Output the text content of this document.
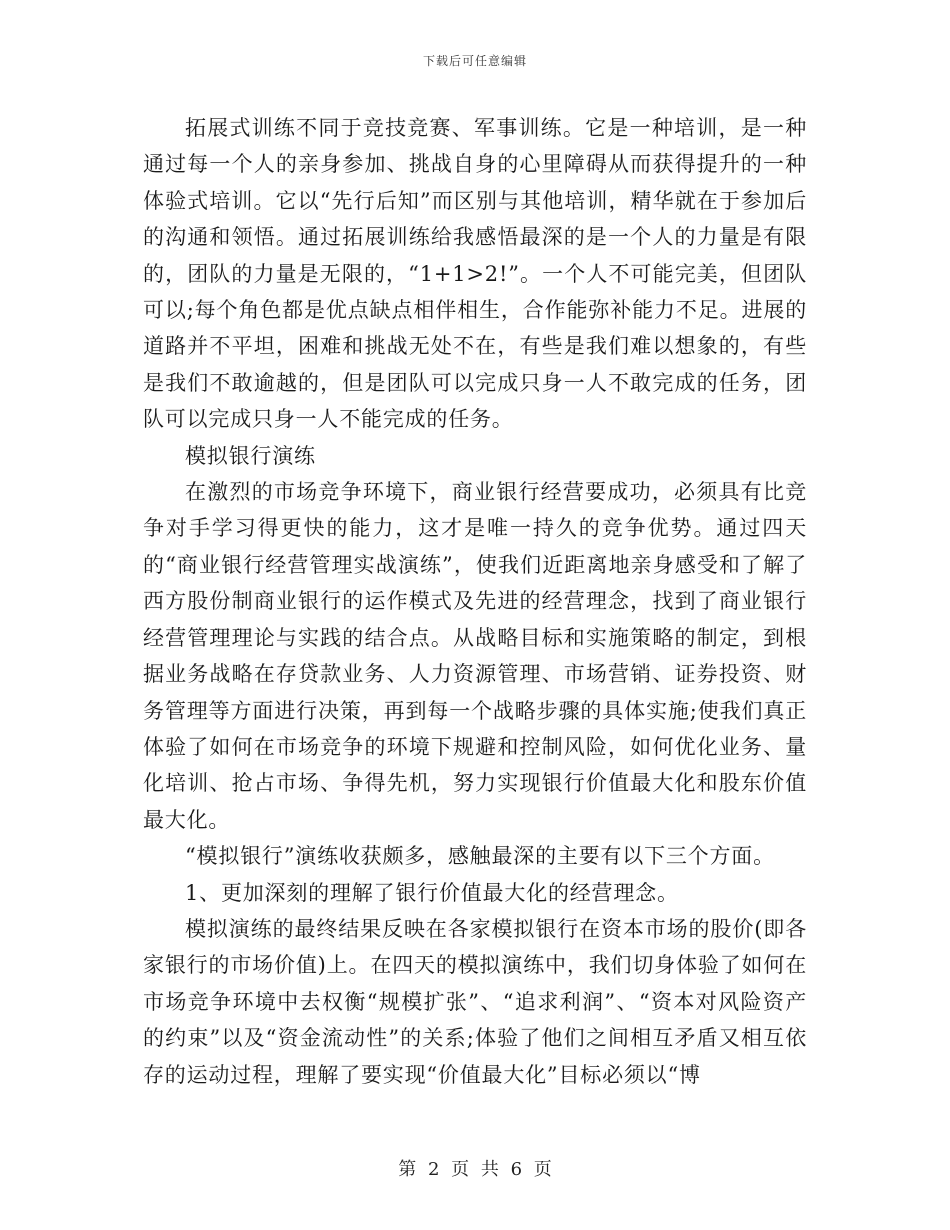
下载后可任意编辑

拓展式训练不同于竞技竞赛、军事训练。它是一种培训，是一种通过每一个人的亲身参加、挑战自身的心里障碍从而获得提升的一种体验式培训。它以“先行后知”而区别与其他培训，精华就在于参加后的沟通和领悟。通过拓展训练给我感悟最深的是一个人的力量是有限的，团队的力量是无限的，“1+1>2!”。一个人不可能完美，但团队可以;每个角色都是优点缺点相伴相生，合作能弥补能力不足。进展的道路并不平坦，困难和挑战无处不在，有些是我们难以想象的，有些是我们不敢逾越的，但是团队可以完成只身一人不敢完成的任务，团队可以完成只身一人不能完成的任务。

模拟银行演练

在激烈的市场竞争环境下，商业银行经营要成功，必须具有比竞争对手学习得更快的能力，这才是唯一持久的竞争优势。通过四天的“商业银行经营管理实战演练”，使我们近距离地亲身感受和了解了西方股份制商业银行的运作模式及先进的经营理念，找到了商业银行经营管理理论与实践的结合点。从战略目标和实施策略的制定，到根据业务战略在存贷款业务、人力资源管理、市场营销、证券投资、财务管理等方面进行决策，再到每一个战略步骤的具体实施;使我们真正体验了如何在市场竞争的环境下规避和控制风险，如何优化业务、量化培训、抢占市场、争得先机，努力实现银行价值最大化和股东价值最大化。

“模拟银行”演练收获颇多，感触最深的主要有以下三个方面。

1、更加深刻的理解了银行价值最大化的经营理念。

模拟演练的最终结果反映在各家模拟银行在资本市场的股价(即各家银行的市场价值)上。在四天的模拟演练中，我们切身体验了如何在市场竞争环境中去权衡“规模扩张”、“追求利润”、“资本对风险资产的约束”以及“资金流动性”的关系;体验了他们之间相互矛盾又相互依存的运动过程，理解了要实现“价值最大化”目标必须以“博

第 2 页 共 6 页
